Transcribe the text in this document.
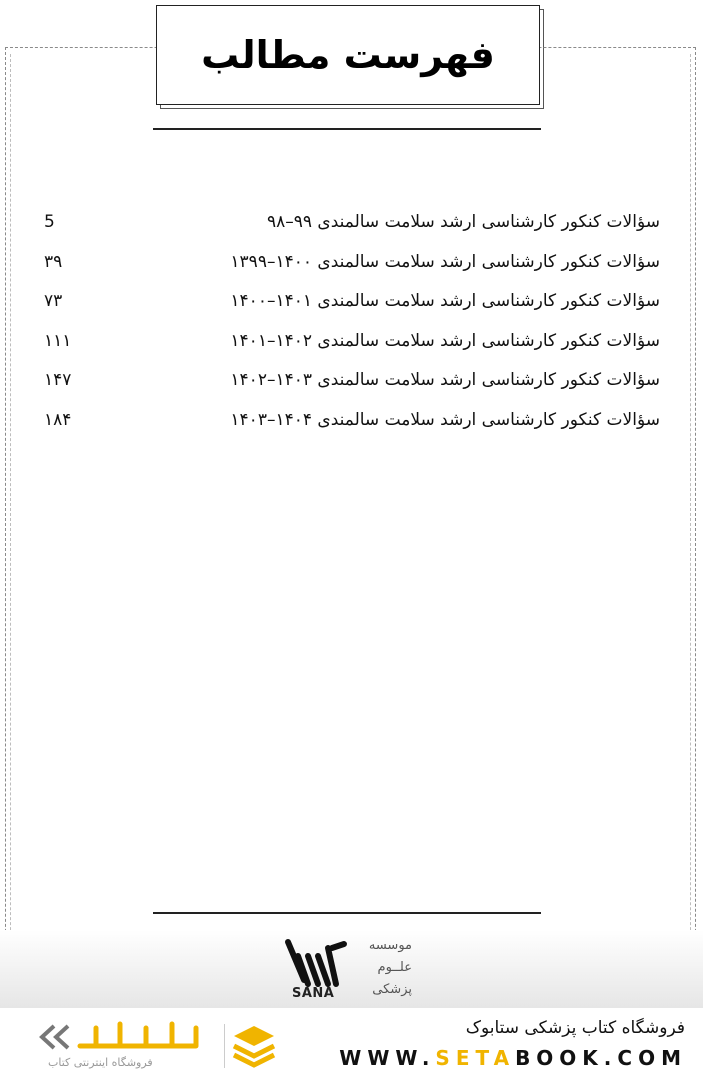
فهرست مطالب
سؤالات کنکور کارشناسی ارشد سلامت سالمندی ۹۹–۹۸
5
سؤالات کنکور کارشناسی ارشد سلامت سالمندی ۱۴۰۰–۱۳۹۹
۳۹
سؤالات کنکور کارشناسی ارشد سلامت سالمندی ۱۴۰۱–۱۴۰۰
۷۳
سؤالات کنکور کارشناسی ارشد سلامت سالمندی ۱۴۰۲–۱۴۰۱
۱۱۱
سؤالات کنکور کارشناسی ارشد سلامت سالمندی ۱۴۰۳–۱۴۰۲
۱۴۷
سؤالات کنکور کارشناسی ارشد سلامت سالمندی ۱۴۰۴–۱۴۰۳
۱۸۴
موسسه
علــوم
پزشکی
SANA
فروشگاه اینترنتی کتاب
فروشگاه کتاب پزشکی ستابوک
WWW.SETABOOK.COM
